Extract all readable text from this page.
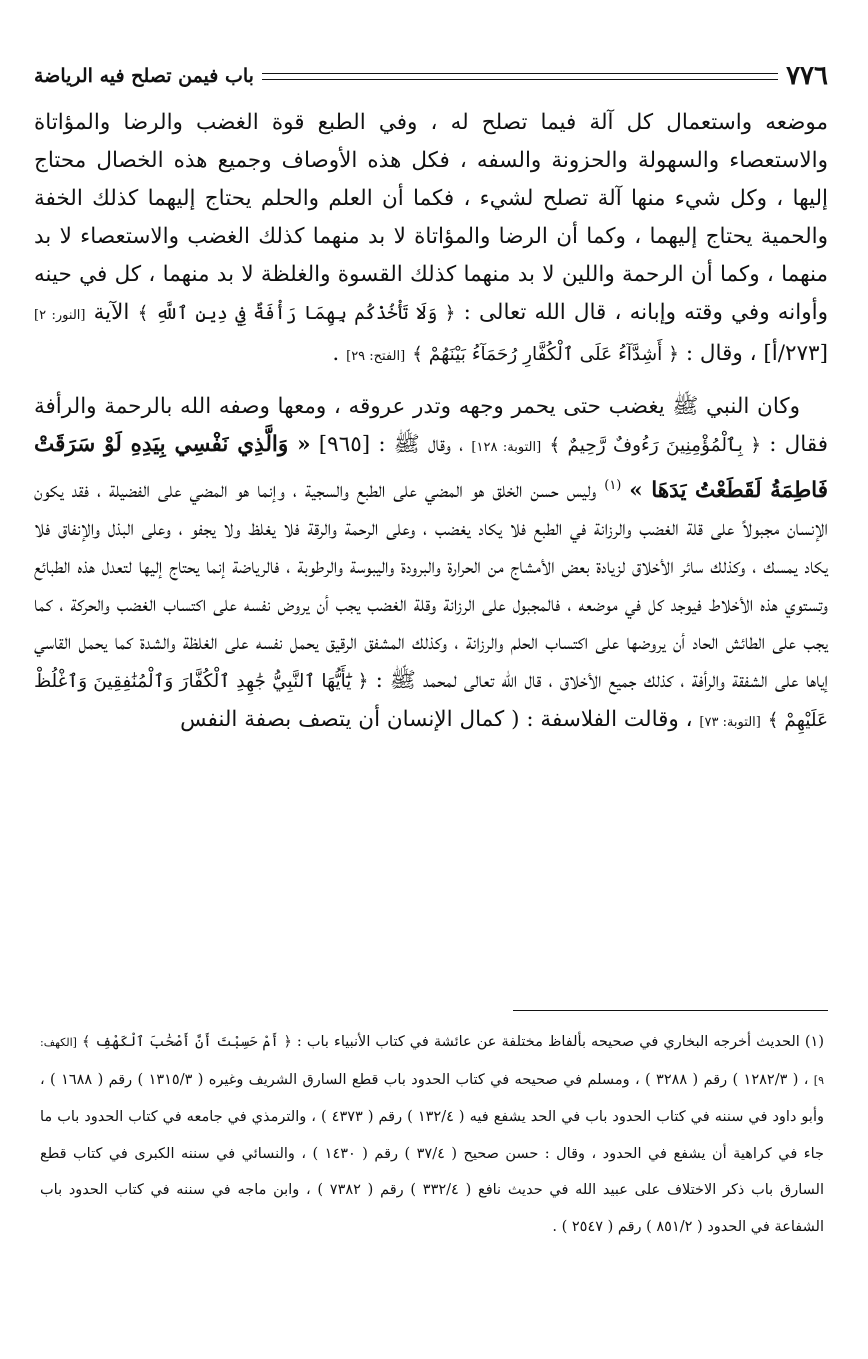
باب فيمن تصلح فيه الرياضة	٧٧٦

موضعه واستعمال كل آلة فيما تصلح له ، وفي الطبع قوة الغضب والرضا والمؤاتاة والاستعصاء والسهولة والحزونة والسفه ، فكل هذه الأوصاف وجميع هذه الخصال محتاج إليها ، وكل شيء منها آلة تصلح لشيء ، فكما أن العلم والحلم يحتاج إليهما كذلك الخفة والحمية يحتاج إليهما ، وكما أن الرضا والمؤاتاة لا بد منهما كذلك الغضب والاستعصاء لا بد منهما ، وكما أن الرحمة واللين لا بد منهما كذلك القسوة والغلظة لا بد منهما ، كل في حينه وأوانه وفي وقته وإبانه ، قال الله تعالى : ﴿ وَلَا تَأْخُذْكُم بِهِمَا رَأْفَةٌ فِي دِينِ ٱللَّهِ ﴾ الآية [النور: ٢] [٢٧٣/أ] ، وقال : ﴿ أَشِدَّآءُ عَلَى ٱلْكُفَّارِ رُحَمَآءُ بَيْنَهُمْ ﴾ [الفتح: ٢٩] .

وكان النبي ﷺ يغضب حتى يحمر وجهه وتدر عروقه ، ومعها وصفه الله بالرحمة والرأفة فقال : ﴿ بِٱلْمُؤْمِنِينَ رَءُوفٌ رَّحِيمٌ ﴾ [التوبة: ١٢٨] ، وقال ﷺ : [٩٦٥] « وَالَّذِي نَفْسِي بِيَدِهِ لَوْ سَرَقَتْ فَاطِمَةُ لَقَطَعْتُ يَدَهَا » $^{(١)}$ وليس حسن الخلق هو المضي على الطبع والسجية ، وإنما هو المضي على الفضيلة ، فقد يكون الإنسان مجبولاً على قلة الغضب والرزانة في الطبع فلا يكاد يغضب ، وعلى الرحمة والرقة فلا يغلظ ولا يجفو ، وعلى البذل والإنفاق فلا يكاد يمسك ، وكذلك سائر الأخلاق لزيادة بعض الأمشاج من الحرارة والبرودة واليبوسة والرطوبة ، فالرياضة إنما يحتاج إليها لتعدل هذه الطبائع وتستوي هذه الأخلاط فيوجد كل في موضعه ، فالمجبول على الرزانة وقلة الغضب يجب أن يروض نفسه على اكتساب الغضب والحركة ، كما يجب على الطائش الحاد أن يروضها على اكتساب الحلم والرزانة ، وكذلك المشفق الرقيق يحمل نفسه على الغلظة والشدة كما يحمل القاسي إياها على الشفقة والرأفة ، كذلك جميع الأخلاق ، قال الله تعالى لمحمد ﷺ : ﴿ يَٰٓأَيُّهَا ٱلنَّبِيُّ جَٰهِدِ ٱلْكُفَّارَ وَٱلْمُنَٰفِقِينَ وَٱغْلُظْ عَلَيْهِمْ ﴾ [التوبة: ٧٣] ، وقالت الفلاسفة : ( كمال الإنسان أن يتصف بصفة النفس

(١) الحديث أخرجه البخاري في صحيحه بألفاظ مختلفة عن عائشة في كتاب الأنبياء باب : ﴿ أَمْ حَسِبْتَ أَنَّ أَصْحَٰبَ ٱلْكَهْفِ ﴾ [الكهف: ٩] ، ( ١٢٨٢/٣ ) رقم ( ٣٢٨٨ ) ، ومسلم في صحيحه في كتاب الحدود باب قطع السارق الشريف وغيره ( ١٣١٥/٣ ) رقم ( ١٦٨٨ ) ، وأبو داود في سننه في كتاب الحدود باب في الحد يشفع فيه ( ١٣٢/٤ ) رقم ( ٤٣٧٣ ) ، والترمذي في جامعه في كتاب الحدود باب ما جاء في كراهية أن يشفع في الحدود ، وقال : حسن صحيح ( ٣٧/٤ ) رقم ( ١٤٣٠ ) ، والنسائي في سننه الكبرى في كتاب قطع السارق باب ذكر الاختلاف على عبيد الله في حديث نافع ( ٣٣٢/٤ ) رقم ( ٧٣٨٢ ) ، وابن ماجه في سننه في كتاب الحدود باب الشفاعة في الحدود ( ٨٥١/٢ ) رقم ( ٢٥٤٧ ) .
